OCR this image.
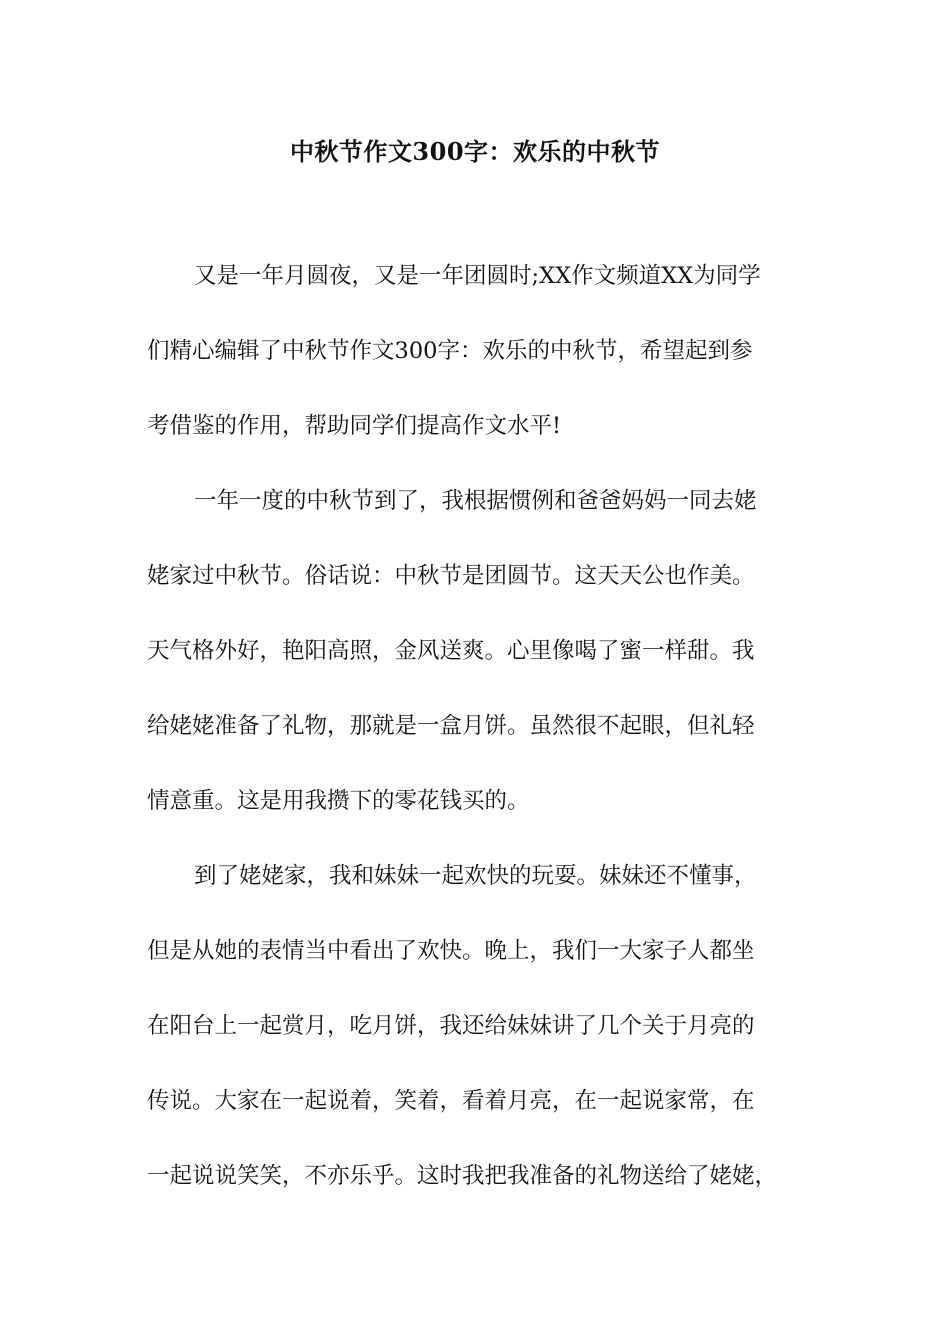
中秋节作文300字：欢乐的中秋节
又是一年月圆夜，又是一年团圆时;XX作文频道XX为同学
们精心编辑了中秋节作文300字：欢乐的中秋节，希望起到参
考借鉴的作用，帮助同学们提高作文水平!
一年一度的中秋节到了，我根据惯例和爸爸妈妈一同去姥
姥家过中秋节。俗话说：中秋节是团圆节。这天天公也作美。
天气格外好，艳阳高照，金风送爽。心里像喝了蜜一样甜。我
给姥姥准备了礼物，那就是一盒月饼。虽然很不起眼，但礼轻
情意重。这是用我攒下的零花钱买的。
到了姥姥家，我和妹妹一起欢快的玩耍。妹妹还不懂事，
但是从她的表情当中看出了欢快。晚上，我们一大家子人都坐
在阳台上一起赏月，吃月饼，我还给妹妹讲了几个关于月亮的
传说。大家在一起说着，笑着，看着月亮，在一起说家常，在
一起说说笑笑，不亦乐乎。这时我把我准备的礼物送给了姥姥，
